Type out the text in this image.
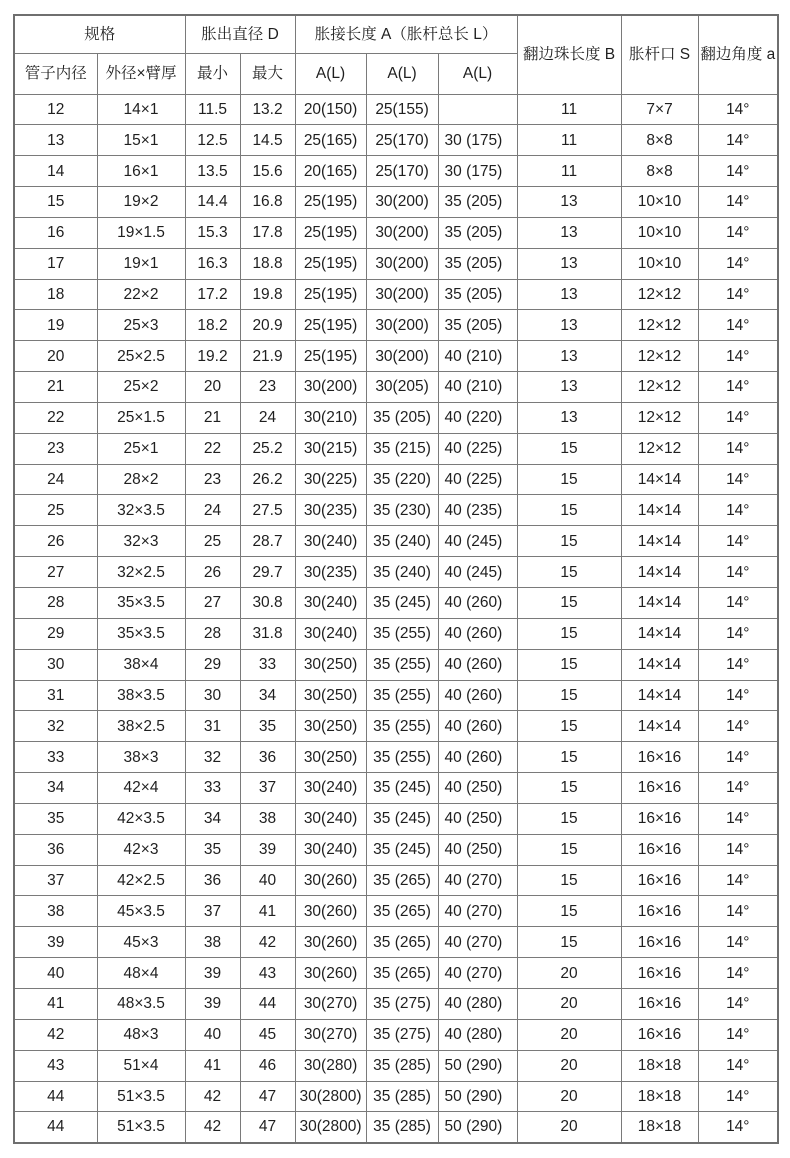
规格		胀出直径 D		胀接长度 A（胀杆总长 L）			翻边珠长度 B	胀杆口 S	翻边角度 a
管子内径	外径×臂厚	最小	最大	A(L)	A(L)	A(L)			
12	14×1	11.5	13.2	20(150)	25(155)		11	7×7	14°
13	15×1	12.5	14.5	25(165)	25(170)	30 (175)	11	8×8	14°
14	16×1	13.5	15.6	20(165)	25(170)	30 (175)	11	8×8	14°
15	19×2	14.4	16.8	25(195)	30(200)	35 (205)	13	10×10	14°
16	19×1.5	15.3	17.8	25(195)	30(200)	35 (205)	13	10×10	14°
17	19×1	16.3	18.8	25(195)	30(200)	35 (205)	13	10×10	14°
18	22×2	17.2	19.8	25(195)	30(200)	35 (205)	13	12×12	14°
19	25×3	18.2	20.9	25(195)	30(200)	35 (205)	13	12×12	14°
20	25×2.5	19.2	21.9	25(195)	30(200)	40 (210)	13	12×12	14°
21	25×2	20	23	30(200)	30(205)	40 (210)	13	12×12	14°
22	25×1.5	21	24	30(210)	35 (205)	40 (220)	13	12×12	14°
23	25×1	22	25.2	30(215)	35 (215)	40 (225)	15	12×12	14°
24	28×2	23	26.2	30(225)	35 (220)	40 (225)	15	14×14	14°
25	32×3.5	24	27.5	30(235)	35 (230)	40 (235)	15	14×14	14°
26	32×3	25	28.7	30(240)	35 (240)	40 (245)	15	14×14	14°
27	32×2.5	26	29.7	30(235)	35 (240)	40 (245)	15	14×14	14°
28	35×3.5	27	30.8	30(240)	35 (245)	40 (260)	15	14×14	14°
29	35×3.5	28	31.8	30(240)	35 (255)	40 (260)	15	14×14	14°
30	38×4	29	33	30(250)	35 (255)	40 (260)	15	14×14	14°
31	38×3.5	30	34	30(250)	35 (255)	40 (260)	15	14×14	14°
32	38×2.5	31	35	30(250)	35 (255)	40 (260)	15	14×14	14°
33	38×3	32	36	30(250)	35 (255)	40 (260)	15	16×16	14°
34	42×4	33	37	30(240)	35 (245)	40 (250)	15	16×16	14°
35	42×3.5	34	38	30(240)	35 (245)	40 (250)	15	16×16	14°
36	42×3	35	39	30(240)	35 (245)	40 (250)	15	16×16	14°
37	42×2.5	36	40	30(260)	35 (265)	40 (270)	15	16×16	14°
38	45×3.5	37	41	30(260)	35 (265)	40 (270)	15	16×16	14°
39	45×3	38	42	30(260)	35 (265)	40 (270)	15	16×16	14°
40	48×4	39	43	30(260)	35 (265)	40 (270)	20	16×16	14°
41	48×3.5	39	44	30(270)	35 (275)	40 (280)	20	16×16	14°
42	48×3	40	45	30(270)	35 (275)	40 (280)	20	16×16	14°
43	51×4	41	46	30(280)	35 (285)	50 (290)	20	18×18	14°
44	51×3.5	42	47	30(2800)	35 (285)	50 (290)	20	18×18	14°
44	51×3.5	42	47	30(2800)	35 (285)	50 (290)	20	18×18	14°
